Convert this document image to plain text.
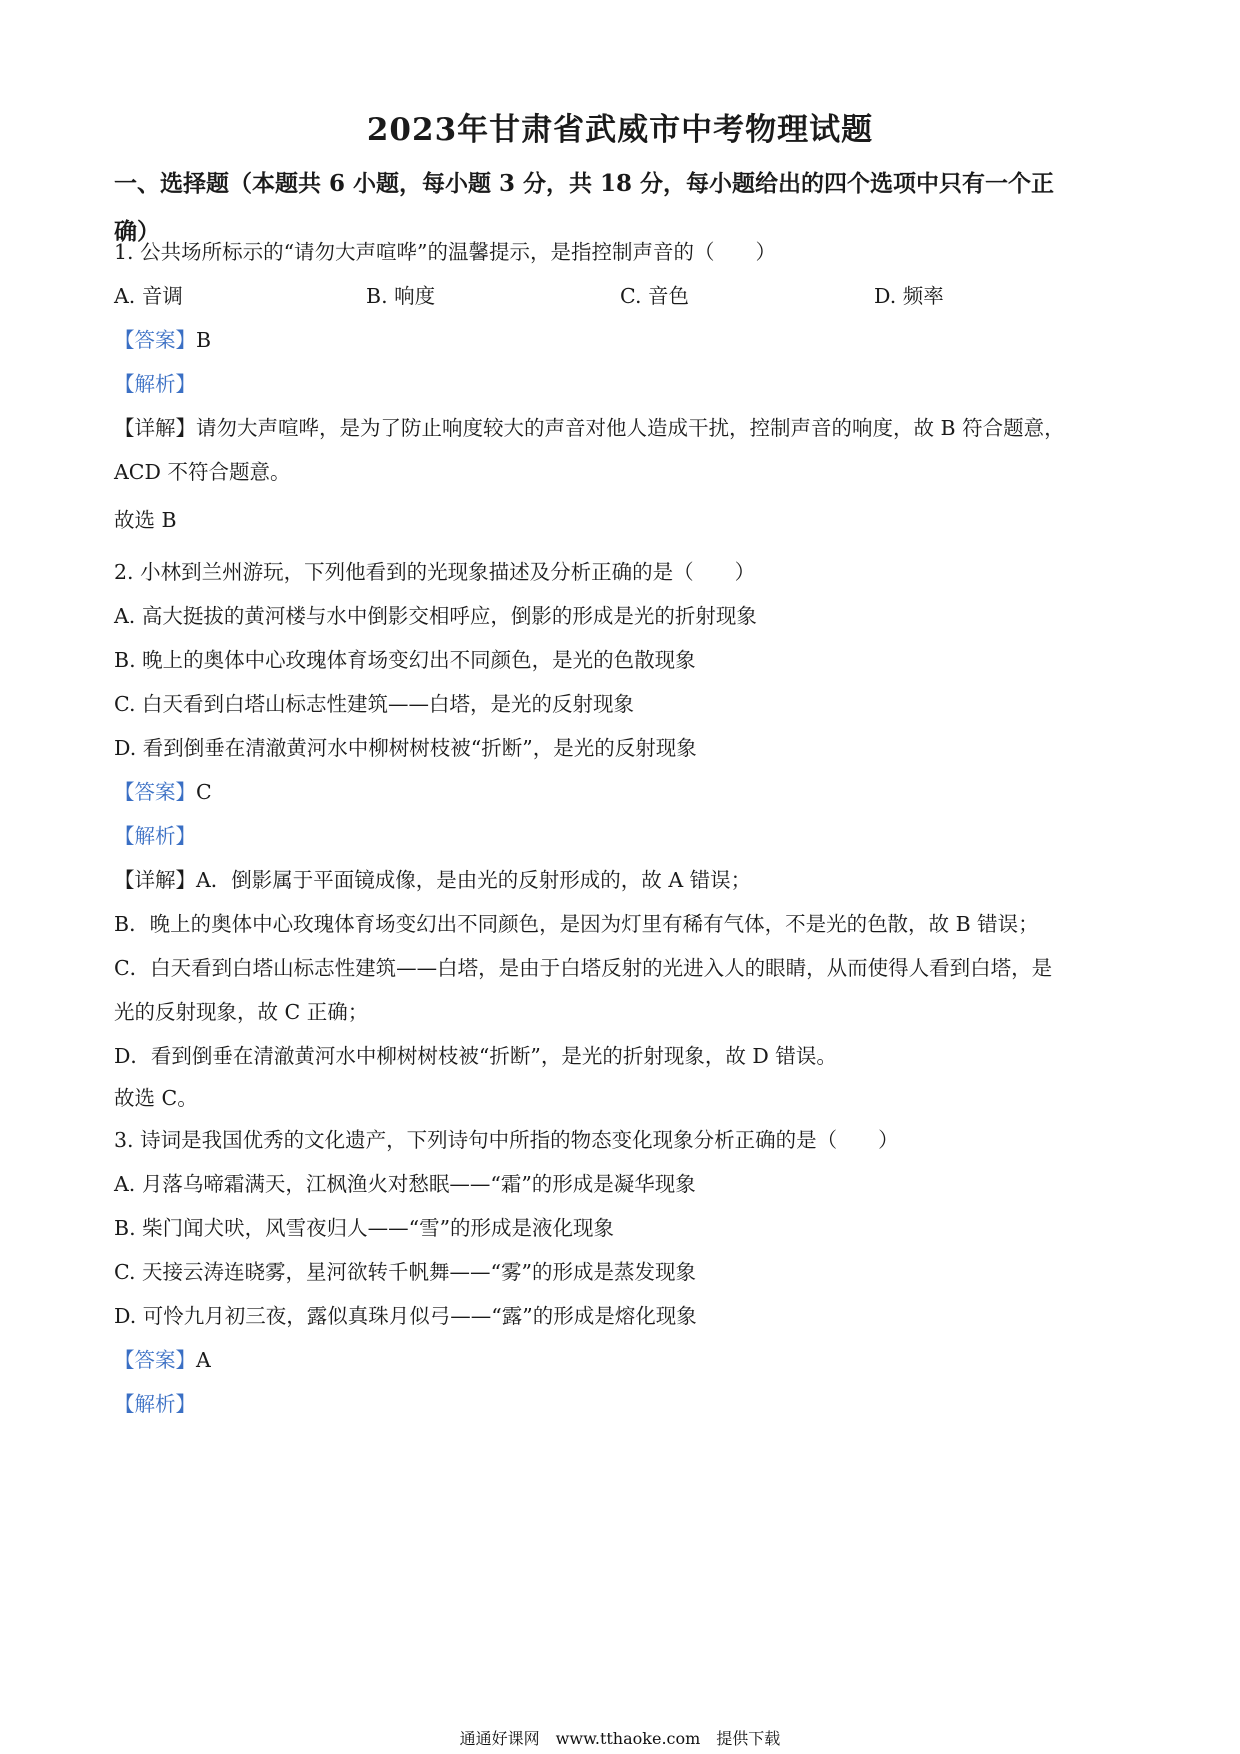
2023年甘肃省武威市中考物理试题
一、选择题（本题共 6 小题，每小题 3 分，共 18 分，每小题给出的四个选项中只有一个正
确）
1. 公共场所标示的“请勿大声喧哗”的温馨提示，是指控制声音的（　　）
A. 音调	B. 响度	C. 音色	D. 频率
【答案】B
【解析】
【详解】请勿大声喧哗，是为了防止响度较大的声音对他人造成干扰，控制声音的响度，故 B 符合题意，
ACD 不符合题意。
故选 B
2. 小林到兰州游玩，下列他看到的光现象描述及分析正确的是（　　）
A. 高大挺拔的黄河楼与水中倒影交相呼应，倒影的形成是光的折射现象
B. 晚上的奥体中心玫瑰体育场变幻出不同颜色，是光的色散现象
C. 白天看到白塔山标志性建筑——白塔，是光的反射现象
D. 看到倒垂在清澈黄河水中柳树树枝被“折断”，是光的反射现象
【答案】C
【解析】
【详解】A．倒影属于平面镜成像，是由光的反射形成的，故 A 错误；
B．晚上的奥体中心玫瑰体育场变幻出不同颜色，是因为灯里有稀有气体，不是光的色散，故 B 错误；
C．白天看到白塔山标志性建筑——白塔，是由于白塔反射的光进入人的眼睛，从而使得人看到白塔，是
光的反射现象，故 C 正确；
D．看到倒垂在清澈黄河水中柳树树枝被“折断”，是光的折射现象，故 D 错误。
故选 C。
3. 诗词是我国优秀的文化遗产，下列诗句中所指的物态变化现象分析正确的是（　　）
A. 月落乌啼霜满天，江枫渔火对愁眠——“霜”的形成是凝华现象
B. 柴门闻犬吠，风雪夜归人——“雪”的形成是液化现象
C. 天接云涛连晓雾，星河欲转千帆舞——“雾”的形成是蒸发现象
D. 可怜九月初三夜，露似真珠月似弓——“露”的形成是熔化现象
【答案】A
【解析】
通通好课网　www.tthaoke.com　提供下载
